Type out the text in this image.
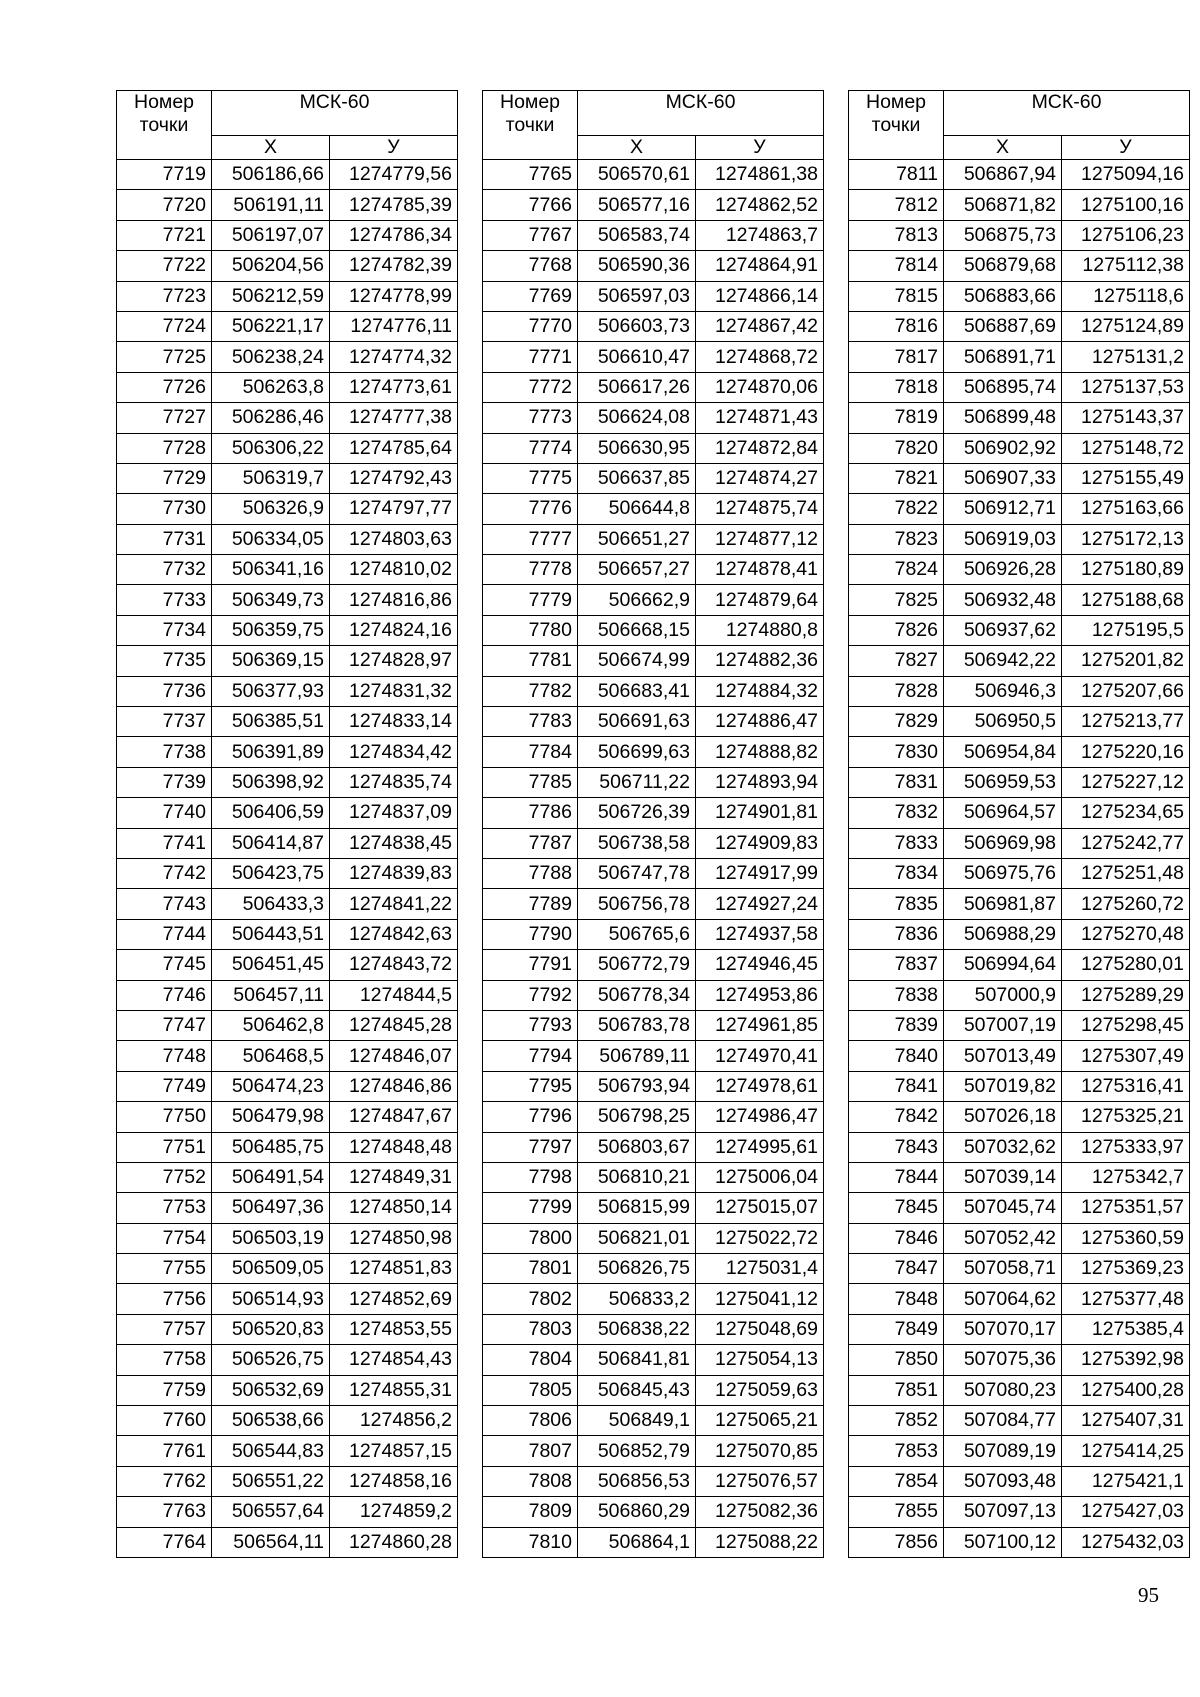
Номер точки	МСК-60	
	Х	У
7719	506186,66	1274779,56
7720	506191,11	1274785,39
7721	506197,07	1274786,34
7722	506204,56	1274782,39
7723	506212,59	1274778,99
7724	506221,17	1274776,11
7725	506238,24	1274774,32
7726	506263,8	1274773,61
7727	506286,46	1274777,38
7728	506306,22	1274785,64
7729	506319,7	1274792,43
7730	506326,9	1274797,77
7731	506334,05	1274803,63
7732	506341,16	1274810,02
7733	506349,73	1274816,86
7734	506359,75	1274824,16
7735	506369,15	1274828,97
7736	506377,93	1274831,32
7737	506385,51	1274833,14
7738	506391,89	1274834,42
7739	506398,92	1274835,74
7740	506406,59	1274837,09
7741	506414,87	1274838,45
7742	506423,75	1274839,83
7743	506433,3	1274841,22
7744	506443,51	1274842,63
7745	506451,45	1274843,72
7746	506457,11	1274844,5
7747	506462,8	1274845,28
7748	506468,5	1274846,07
7749	506474,23	1274846,86
7750	506479,98	1274847,67
7751	506485,75	1274848,48
7752	506491,54	1274849,31
7753	506497,36	1274850,14
7754	506503,19	1274850,98
7755	506509,05	1274851,83
7756	506514,93	1274852,69
7757	506520,83	1274853,55
7758	506526,75	1274854,43
7759	506532,69	1274855,31
7760	506538,66	1274856,2
7761	506544,83	1274857,15
7762	506551,22	1274858,16
7763	506557,64	1274859,2
7764	506564,11	1274860,28
Номер точки	МСК-60	
	Х	У
7765	506570,61	1274861,38
7766	506577,16	1274862,52
7767	506583,74	1274863,7
7768	506590,36	1274864,91
7769	506597,03	1274866,14
7770	506603,73	1274867,42
7771	506610,47	1274868,72
7772	506617,26	1274870,06
7773	506624,08	1274871,43
7774	506630,95	1274872,84
7775	506637,85	1274874,27
7776	506644,8	1274875,74
7777	506651,27	1274877,12
7778	506657,27	1274878,41
7779	506662,9	1274879,64
7780	506668,15	1274880,8
7781	506674,99	1274882,36
7782	506683,41	1274884,32
7783	506691,63	1274886,47
7784	506699,63	1274888,82
7785	506711,22	1274893,94
7786	506726,39	1274901,81
7787	506738,58	1274909,83
7788	506747,78	1274917,99
7789	506756,78	1274927,24
7790	506765,6	1274937,58
7791	506772,79	1274946,45
7792	506778,34	1274953,86
7793	506783,78	1274961,85
7794	506789,11	1274970,41
7795	506793,94	1274978,61
7796	506798,25	1274986,47
7797	506803,67	1274995,61
7798	506810,21	1275006,04
7799	506815,99	1275015,07
7800	506821,01	1275022,72
7801	506826,75	1275031,4
7802	506833,2	1275041,12
7803	506838,22	1275048,69
7804	506841,81	1275054,13
7805	506845,43	1275059,63
7806	506849,1	1275065,21
7807	506852,79	1275070,85
7808	506856,53	1275076,57
7809	506860,29	1275082,36
7810	506864,1	1275088,22
Номер точки	МСК-60	
	Х	У
7811	506867,94	1275094,16
7812	506871,82	1275100,16
7813	506875,73	1275106,23
7814	506879,68	1275112,38
7815	506883,66	1275118,6
7816	506887,69	1275124,89
7817	506891,71	1275131,2
7818	506895,74	1275137,53
7819	506899,48	1275143,37
7820	506902,92	1275148,72
7821	506907,33	1275155,49
7822	506912,71	1275163,66
7823	506919,03	1275172,13
7824	506926,28	1275180,89
7825	506932,48	1275188,68
7826	506937,62	1275195,5
7827	506942,22	1275201,82
7828	506946,3	1275207,66
7829	506950,5	1275213,77
7830	506954,84	1275220,16
7831	506959,53	1275227,12
7832	506964,57	1275234,65
7833	506969,98	1275242,77
7834	506975,76	1275251,48
7835	506981,87	1275260,72
7836	506988,29	1275270,48
7837	506994,64	1275280,01
7838	507000,9	1275289,29
7839	507007,19	1275298,45
7840	507013,49	1275307,49
7841	507019,82	1275316,41
7842	507026,18	1275325,21
7843	507032,62	1275333,97
7844	507039,14	1275342,7
7845	507045,74	1275351,57
7846	507052,42	1275360,59
7847	507058,71	1275369,23
7848	507064,62	1275377,48
7849	507070,17	1275385,4
7850	507075,36	1275392,98
7851	507080,23	1275400,28
7852	507084,77	1275407,31
7853	507089,19	1275414,25
7854	507093,48	1275421,1
7855	507097,13	1275427,03
7856	507100,12	1275432,03
95
